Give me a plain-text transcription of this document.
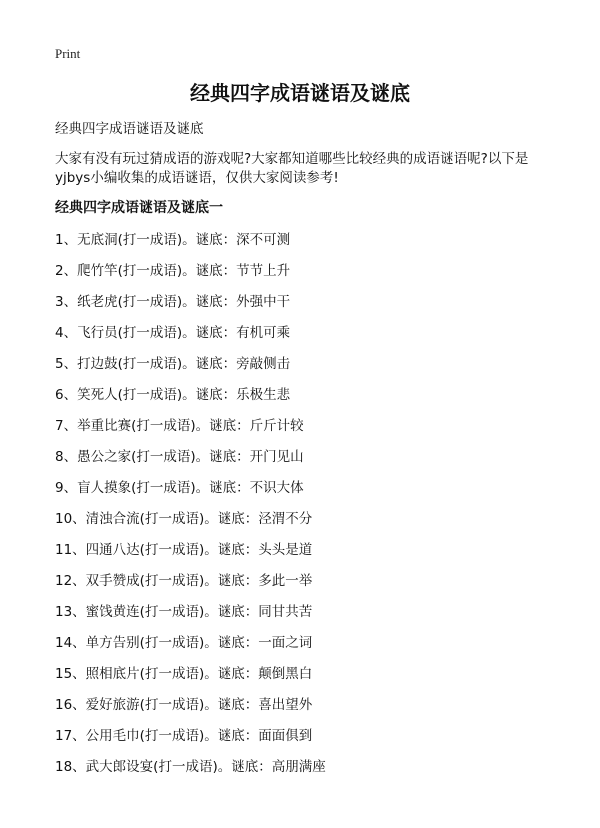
Print
经典四字成语谜语及谜底

经典四字成语谜语及谜底

大家有没有玩过猜成语的游戏呢?大家都知道哪些比较经典的成语谜语呢?以下是yjbys小编收集的成语谜语，仅供大家阅读参考!

经典四字成语谜语及谜底一
1、无底洞(打一成语)。谜底：深不可测
2、爬竹竿(打一成语)。谜底：节节上升
3、纸老虎(打一成语)。谜底：外强中干
4、飞行员(打一成语)。谜底：有机可乘
5、打边鼓(打一成语)。谜底：旁敲侧击
6、笑死人(打一成语)。谜底：乐极生悲
7、举重比赛(打一成语)。谜底：斤斤计较
8、愚公之家(打一成语)。谜底：开门见山
9、盲人摸象(打一成语)。谜底：不识大体
10、清浊合流(打一成语)。谜底：泾渭不分
11、四通八达(打一成语)。谜底：头头是道
12、双手赞成(打一成语)。谜底：多此一举
13、蜜饯黄连(打一成语)。谜底：同甘共苦
14、单方告别(打一成语)。谜底：一面之词
15、照相底片(打一成语)。谜底：颠倒黑白
16、爱好旅游(打一成语)。谜底：喜出望外
17、公用毛巾(打一成语)。谜底：面面俱到
18、武大郎设宴(打一成语)。谜底：高朋满座
